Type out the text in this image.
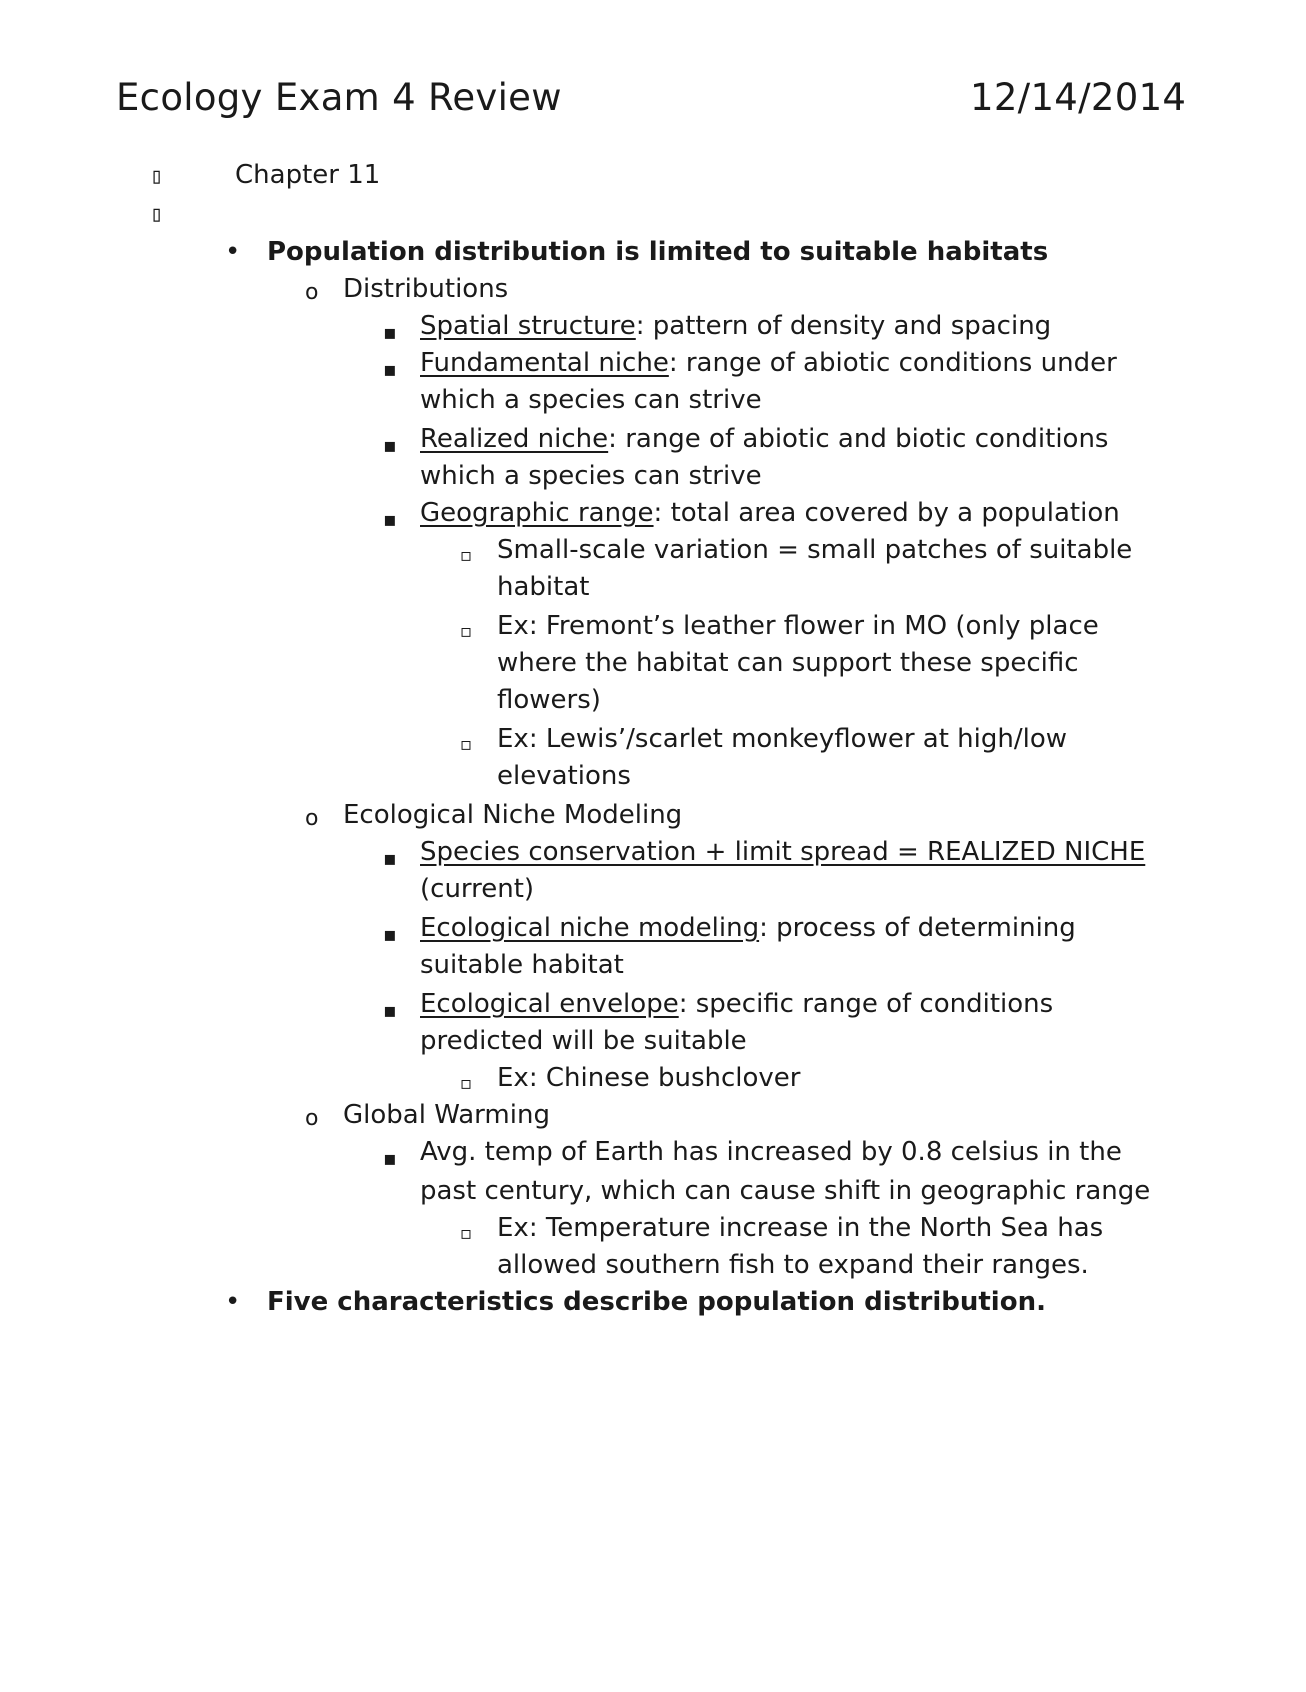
Ecology Exam 4 Review	12/14/2014
▯	Chapter 11
▯
• Population distribution is limited to suitable habitats
o Distributions
▪ Spatial structure: pattern of density and spacing
▪ Fundamental niche: range of abiotic conditions under
which a species can strive
▪ Realized niche: range of abiotic and biotic conditions
which a species can strive
▪ Geographic range: total area covered by a population
▫ Small-scale variation = small patches of suitable
habitat
▫ Ex: Fremont’s leather flower in MO (only place
where the habitat can support these specific
flowers)
▫ Ex: Lewis’/scarlet monkeyflower at high/low
elevations
o Ecological Niche Modeling
▪ Species conservation + limit spread = REALIZED NICHE
(current)
▪ Ecological niche modeling: process of determining
suitable habitat
▪ Ecological envelope: specific range of conditions
predicted will be suitable
▫ Ex: Chinese bushclover
o Global Warming
▪ Avg. temp of Earth has increased by 0.8 celsius in the
past century, which can cause shift in geographic range
▫ Ex: Temperature increase in the North Sea has
allowed southern fish to expand their ranges.
• Five characteristics describe population distribution.
